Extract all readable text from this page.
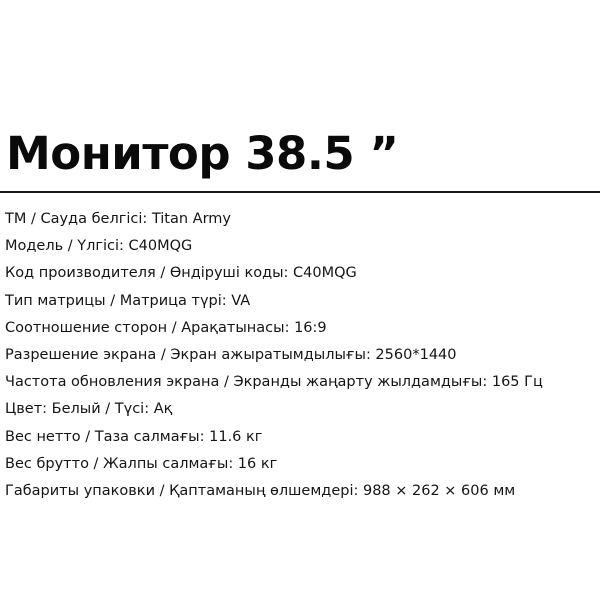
Монитор 38.5 ”
ТМ / Сауда белгісі: Titan Army
Модель / Үлгісі: C40MQG
Код производителя / Өндіруші коды: C40MQG
Тип матрицы / Матрица түрі: VA
Соотношение сторон / Арақатынасы: 16:9
Разрешение экрана / Экран ажыратымдылығы: 2560*1440
Частота обновления экрана / Экранды жаңарту жылдамдығы: 165 Гц
Цвет: Белый / Түсі: Ақ
Вес нетто / Таза салмағы: 11.6 кг
Вес брутто / Жалпы салмағы: 16 кг
Габариты упаковки / Қаптаманың өлшемдері: 988 × 262 × 606 мм
